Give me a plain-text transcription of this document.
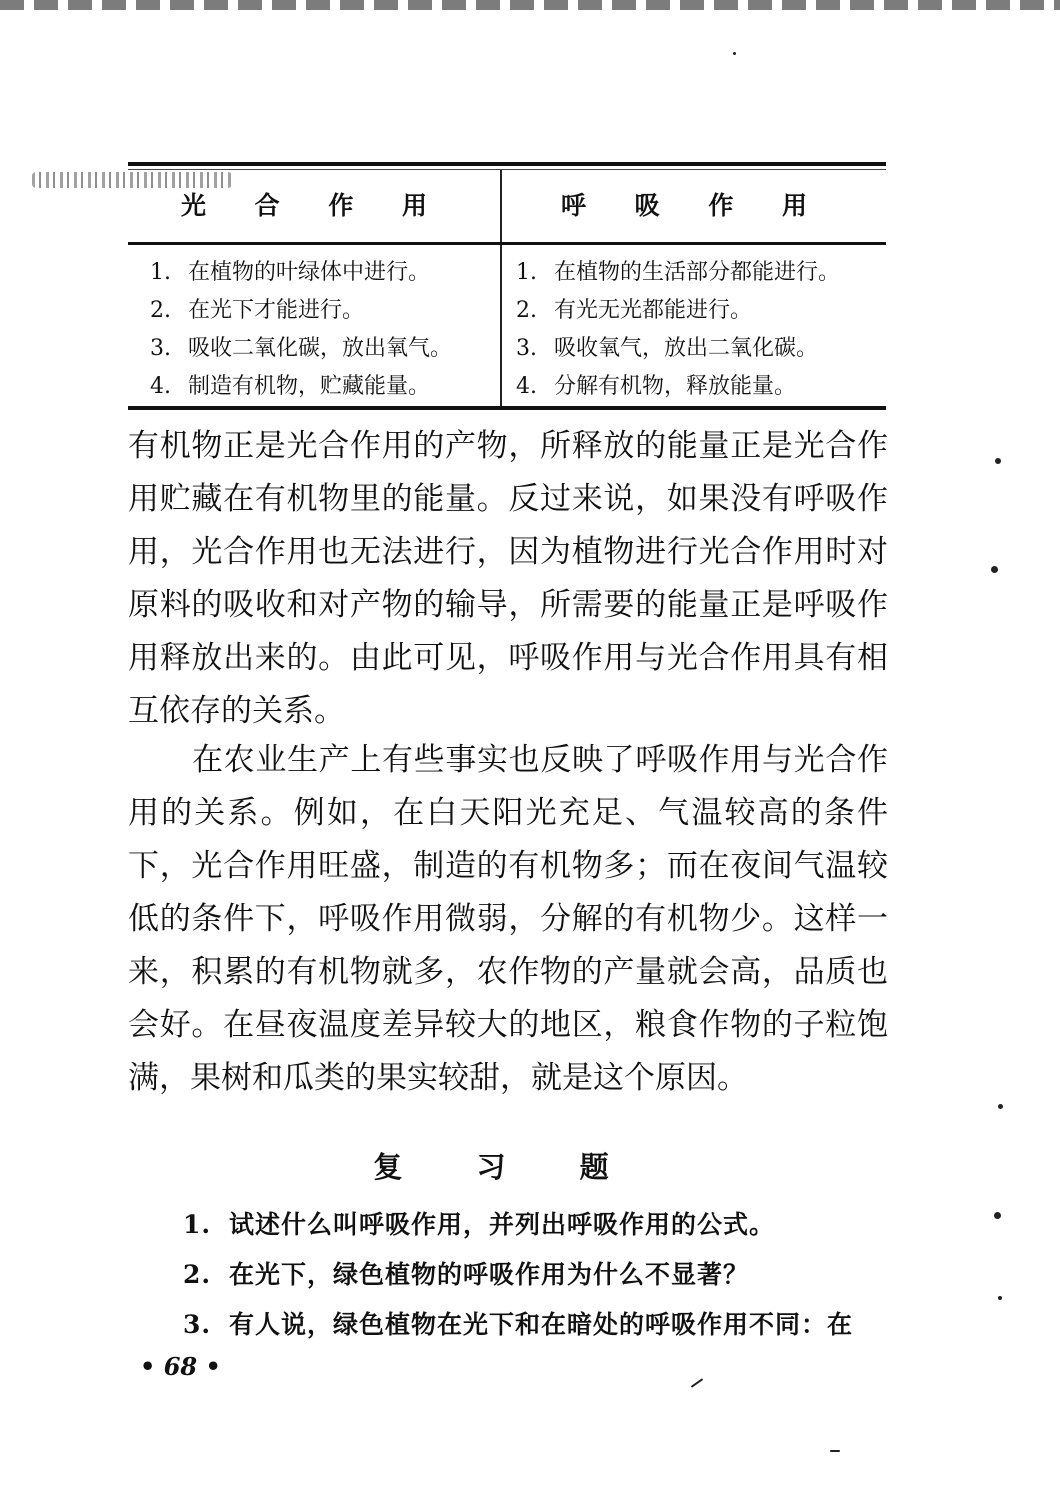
光 合 作 用	呼 吸 作 用
1. 在植物的叶绿体中进行。
2. 在光下才能进行。
3. 吸收二氧化碳，放出氧气。
4. 制造有机物，贮藏能量。
1. 在植物的生活部分都能进行。
2. 有光无光都能进行。
3. 吸收氧气，放出二氧化碳。
4. 分解有机物，释放能量。

有机物正是光合作用的产物，所释放的能量正是光合作用贮藏在有机物里的能量。反过来说，如果没有呼吸作用，光合作用也无法进行，因为植物进行光合作用时对原料的吸收和对产物的输导，所需要的能量正是呼吸作用释放出来的。由此可见，呼吸作用与光合作用具有相互依存的关系。

在农业生产上有些事实也反映了呼吸作用与光合作用的关系。例如，在白天阳光充足、气温较高的条件下，光合作用旺盛，制造的有机物多；而在夜间气温较低的条件下，呼吸作用微弱，分解的有机物少。这样一来，积累的有机物就多，农作物的产量就会高，品质也会好。在昼夜温度差异较大的地区，粮食作物的子粒饱满，果树和瓜类的果实较甜，就是这个原因。

复 习 题
1. 试述什么叫呼吸作用，并列出呼吸作用的公式。
2. 在光下，绿色植物的呼吸作用为什么不显著？
3. 有人说，绿色植物在光下和在暗处的呼吸作用不同：在
• 68 •
